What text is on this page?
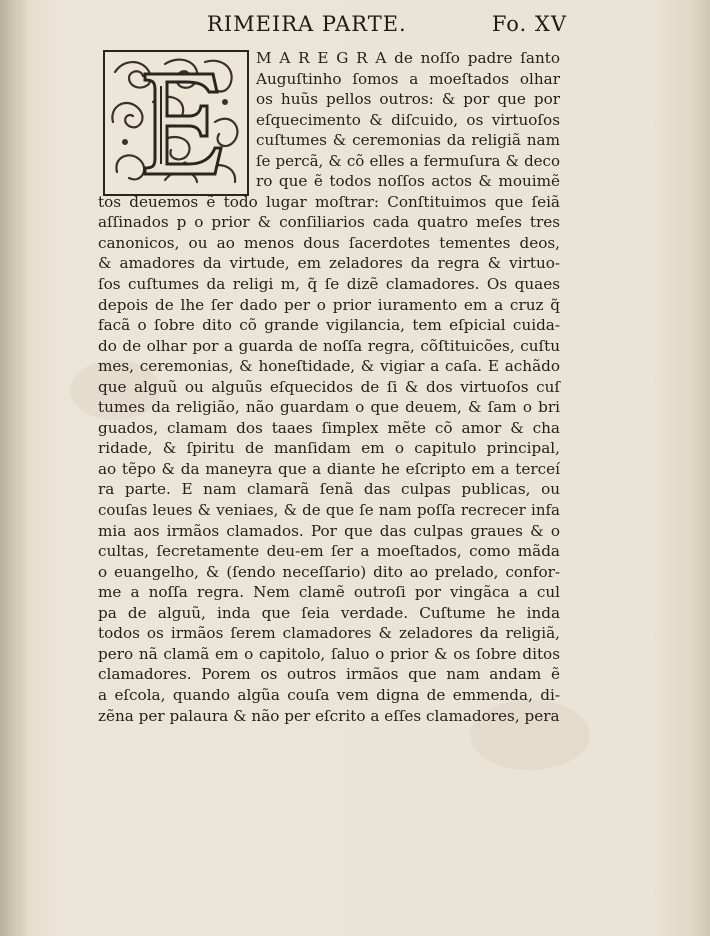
RIMEIRA PARTE.	Fo. XV
M A R E G R A de noſſo padre ſanto
Auguſtinho ſomos a moeſtados olhar
os huũs pellos outros: & por que por
eſquecimento & diſcuido, os virtuoſos
cuſtumes & ceremonias da religiã nam
ſe percã, & cõ elles a fermuſura & deco
ro que ẽ todos noſſos actos & mouimẽ
tos deuemos ẽ todo lugar moſtrar: Conſtituimos que ſeiã
aſſinados p o prior & conſiliarios cada quatro meſes tres
canonicos, ou ao menos dous ſacerdotes tementes deos,
& amadores da virtude, em zeladores da regra & virtuo-
ſos cuſtumes da religi m, q̃ ſe dizẽ clamadores. Os quaes
depois de lhe ſer dado per o prior iuramento em a cruz q̃
facã o ſobre dito cõ grande vigilancia, tem eſpicial cuida-
do de olhar por a guarda de noſſa regra, cõſtituicões, cuſtu
mes, ceremonias, & honeſtidade, & vigiar a caſa. E achãdo
que alguũ ou alguũs eſquecidos de ſi & dos virtuoſos cuſ
tumes da religião, não guardam o que deuem, & ſam o bri
guados, clamam dos taaes ſimplex mẽte cõ amor & cha
ridade, & ſpiritu de manſidam em o capitulo principal,
ao tẽpo & da maneyra que a diante he eſcripto em a terceí
ra parte. E nam clamarã ſenã das culpas publicas, ou
couſas leues & veniaes, & de que ſe nam poſſa recrecer infa
mia aos irmãos clamados. Por que das culpas graues & o
cultas, ſecretamente deu-em ſer a moeſtados, como mãda
o euangelho, & (ſendo neceſſario) dito ao prelado, confor-
me a noſſa regra. Nem clamẽ outroſi por vingãca a cul
pa de alguũ, inda que ſeia verdade. Cuſtume he inda
todos os irmãos ſerem clamadores & zeladores da religiã,
pero nã clamã em o capitolo, ſaluo o prior & os ſobre ditos
clamadores. Porem os outros irmãos que nam andam ẽ
a eſcola, quando algũa couſa vem digna de emmenda, di-
zẽna per palaura & não per eſcrito a eſſes clamadores, pera
